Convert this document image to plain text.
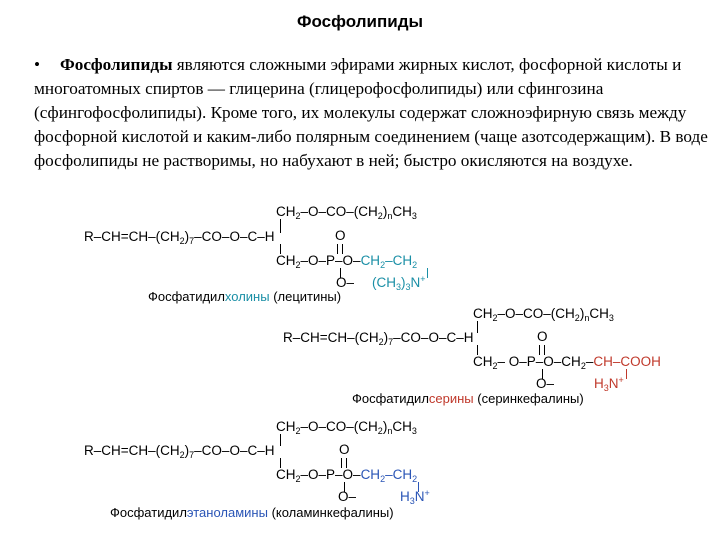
Фосфолипиды
• Фосфолипиды являются сложными эфирами жирных кислот, фосфорной кислоты и многоатомных спиртов — глицерина (глицерофосфолипиды) или сфингозина (сфингофосфолипиды). Кроме того, их молекулы содержат сложноэфирную связь между фосфорной кислотой и каким-либо полярным соединением (чаще азотсодержащим). В воде фосфолипиды не растворимы, но набухают в ней; быстро окисляются на воздухе.
$CH_2-O-CO-(CH_2)_nCH_3$
$R-CH=CH-(CH_2)_7-CO-O-C-H$	O
$CH_2-O-P-O-CH_2-CH_2$
O– $(CH_3)_3N^+$
Фосфатидилхолины (лецитины)
$CH_2-O-CO-(CH_2)_nCH_3$
$R-CH=CH-(CH_2)_7-CO-O-C-H$	O
$CH_2-$ $O-P-O-CH_2-CH$–COOH
O–	$H_3N^+$
Фосфатидилсерины (серинкефалины)
$CH_2-O-CO-(CH_2)_nCH_3$
$R-CH=CH-(CH_2)_7-CO-O-C-H$	O
$CH_2-O-P-O-CH_2-CH_2$
O–	$H_3N^+$
Фосфатидилэтаноламины (коламинкефалины)
